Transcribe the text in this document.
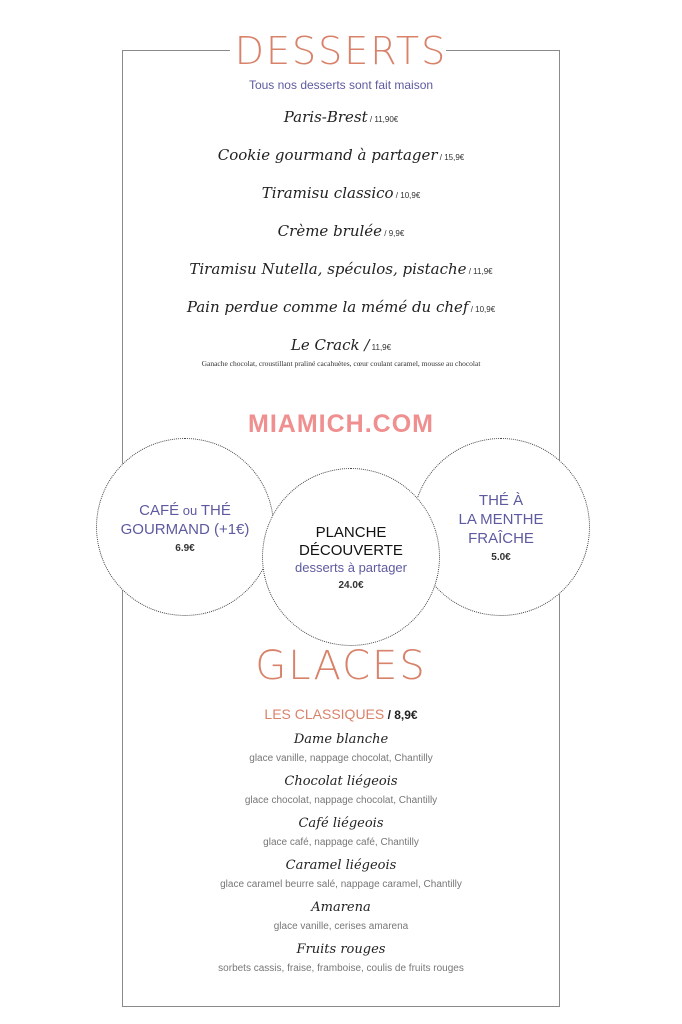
DESSERTS
Tous nos desserts sont fait maison
Paris-Brest / 11,90€
Cookie gourmand à partager / 15,9€
Tiramisu classico / 10,9€
Crème brulée / 9,9€
Tiramisu Nutella, spéculos, pistache / 11,9€
Pain perdue comme la mémé du chef / 10,9€
Le Crack / 11,9€
Ganache chocolat, croustillant praliné cacahuètes, cœur coulant caramel, mousse au chocolat
MIAMICH.COM
CAFÉ ou THÉ
GOURMAND (+1€)
6.9€
THÉ À
LA MENTHE
FRAÎCHE
5.0€
PLANCHE
DÉCOUVERTE
desserts à partager
24.0€
GLACES
LES CLASSIQUES / 8,9€
Dame blanche
glace vanille, nappage chocolat, Chantilly
Chocolat liégeois
glace chocolat, nappage chocolat, Chantilly
Café liégeois
glace café, nappage café, Chantilly
Caramel liégeois
glace caramel beurre salé, nappage caramel, Chantilly
Amarena
glace vanille, cerises amarena
Fruits rouges
sorbets cassis, fraise, framboise, coulis de fruits rouges
